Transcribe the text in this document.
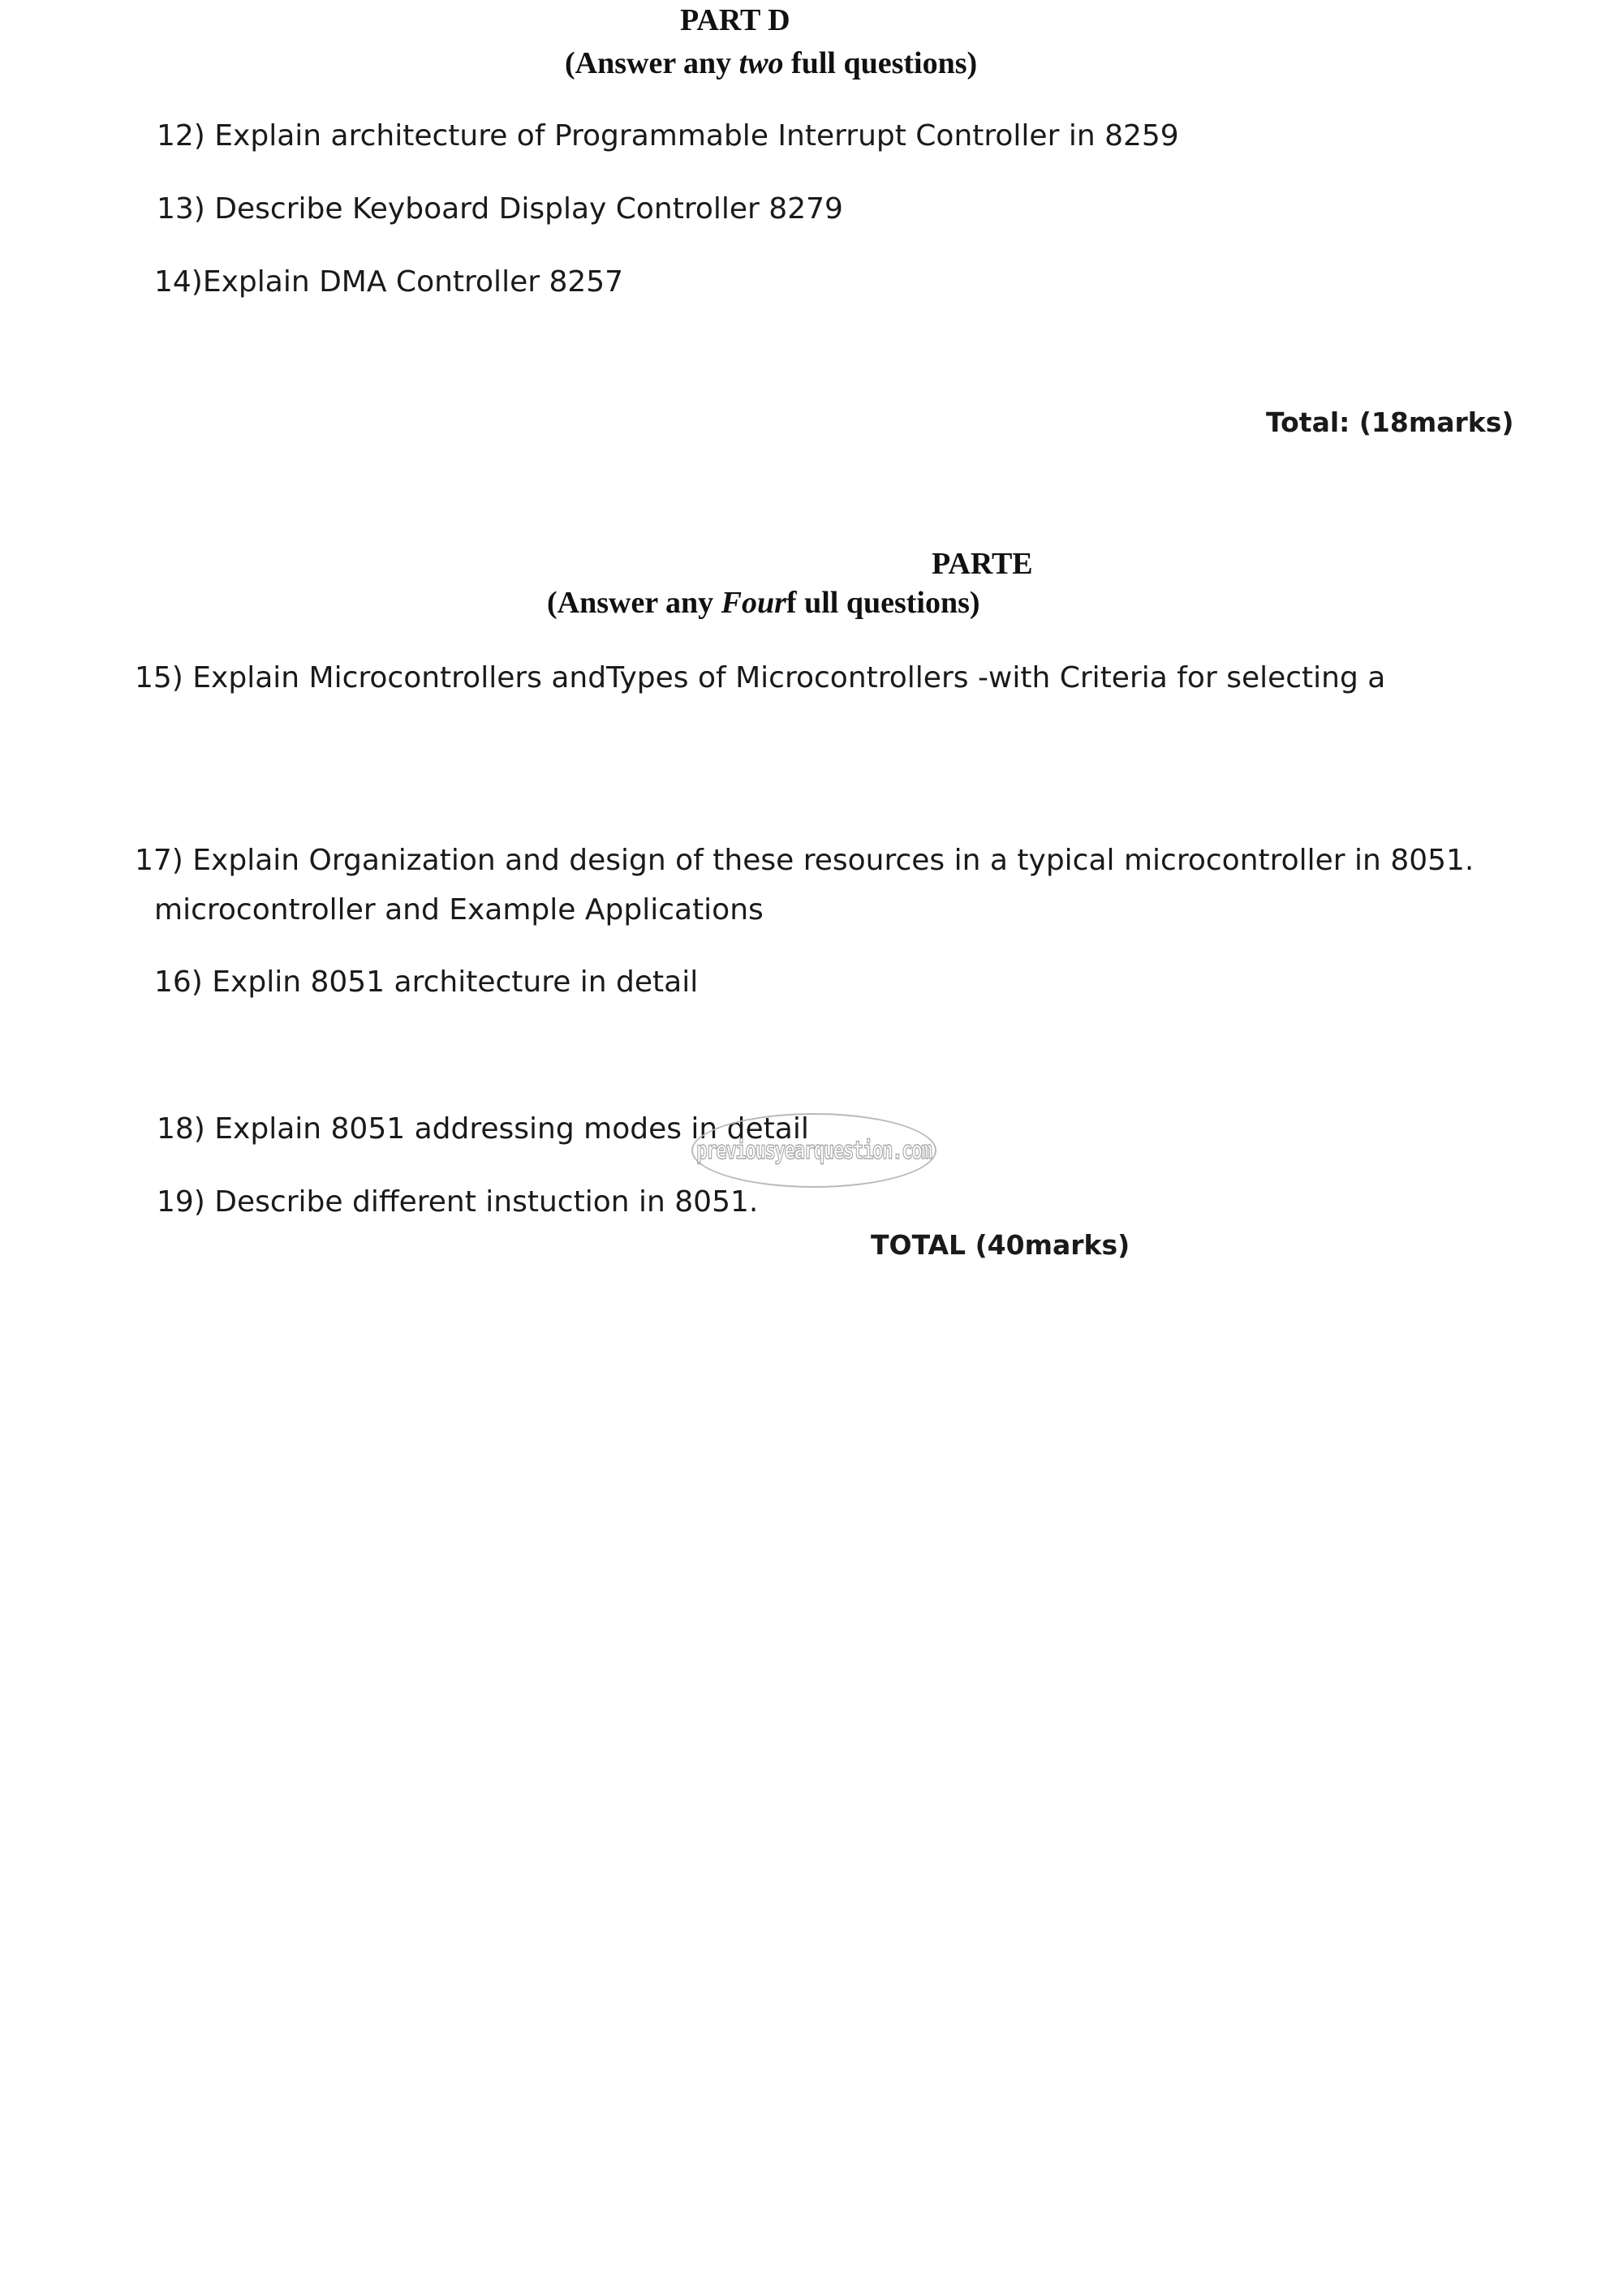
PART D
(Answer any two full questions)
12) Explain architecture of Programmable Interrupt Controller in 8259
13) Describe Keyboard Display Controller 8279
14)Explain DMA Controller 8257
Total: (18marks)
PARTE
(Answer any Fourf ull questions)
15) Explain Microcontrollers andTypes of Microcontrollers -with Criteria for selecting a
17) Explain Organization and design of these resources in a typical microcontroller in 8051.
microcontroller and Example Applications
16) Explin 8051 architecture in detail
18) Explain 8051 addressing modes in detail
19) Describe different instuction in 8051.
TOTAL (40marks)
previousyearquestion.com
